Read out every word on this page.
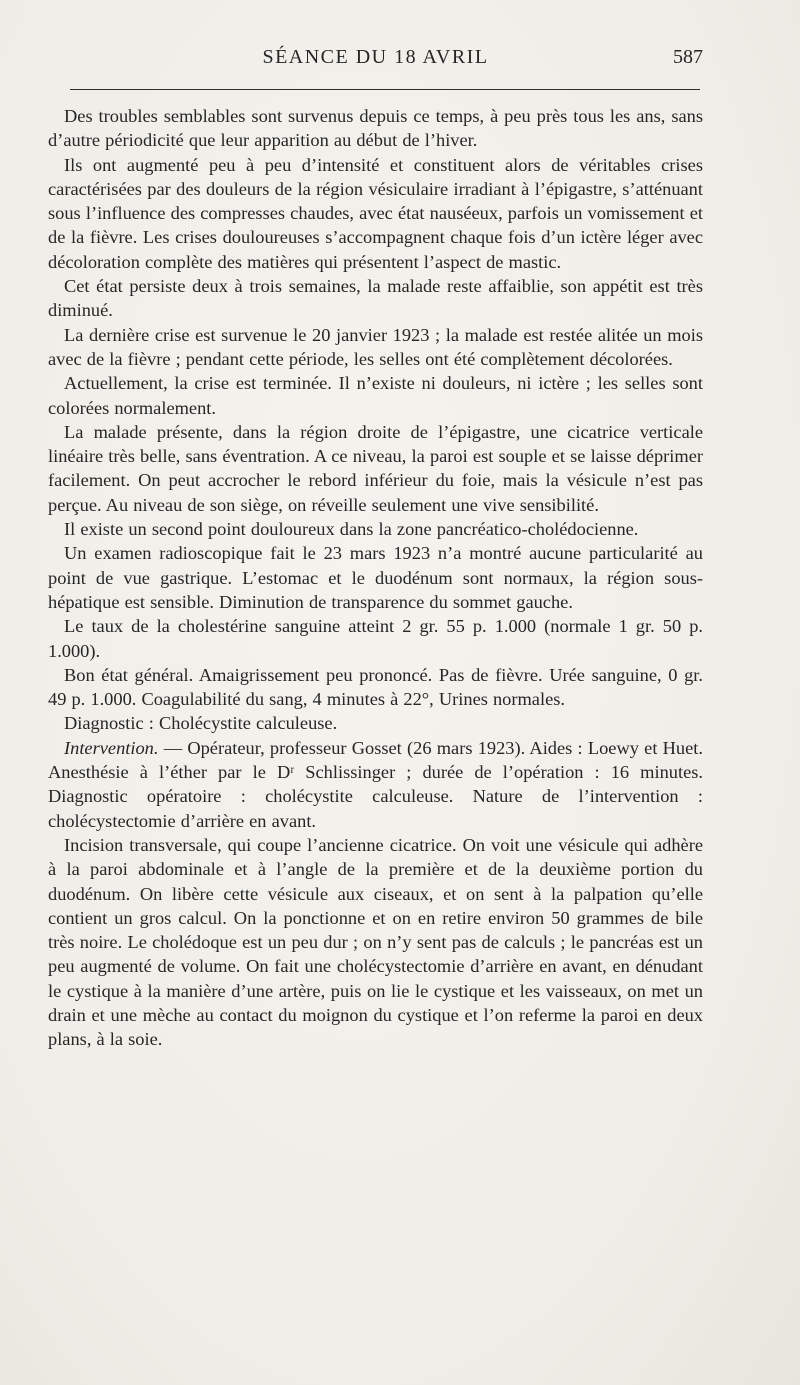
SÉANCE DU 18 AVRIL	587

Des troubles semblables sont survenus depuis ce temps, à peu près tous les ans, sans d’autre périodicité que leur apparition au début de l’hiver.

Ils ont augmenté peu à peu d’intensité et constituent alors de véritables crises caractérisées par des douleurs de la région vésiculaire irradiant à l’épigastre, s’atténuant sous l’influence des compresses chaudes, avec état nauséeux, parfois un vomissement et de la fièvre. Les crises douloureuses s’accompagnent chaque fois d’un ictère léger avec décoloration complète des matières qui présentent l’aspect de mastic.

Cet état persiste deux à trois semaines, la malade reste affaiblie, son appétit est très diminué.

La dernière crise est survenue le 20 janvier 1923 ; la malade est restée alitée un mois avec de la fièvre ; pendant cette période, les selles ont été complètement décolorées.

Actuellement, la crise est terminée. Il n’existe ni douleurs, ni ictère ; les selles sont colorées normalement.

La malade présente, dans la région droite de l’épigastre, une cicatrice verticale linéaire très belle, sans éventration. A ce niveau, la paroi est souple et se laisse déprimer facilement. On peut accrocher le rebord inférieur du foie, mais la vésicule n’est pas perçue. Au niveau de son siège, on réveille seulement une vive sensibilité.

Il existe un second point douloureux dans la zone pancréatico-cholédocienne.

Un examen radioscopique fait le 23 mars 1923 n’a montré aucune particularité au point de vue gastrique. L’estomac et le duodénum sont normaux, la région sous-hépatique est sensible. Diminution de transparence du sommet gauche.

Le taux de la cholestérine sanguine atteint 2 gr. 55 p. 1.000 (normale 1 gr. 50 p. 1.000).

Bon état général. Amaigrissement peu prononcé. Pas de fièvre. Urée sanguine, 0 gr. 49 p. 1.000. Coagulabilité du sang, 4 minutes à 22°, Urines normales.

Diagnostic : Cholécystite calculeuse.

Intervention. — Opérateur, professeur Gosset (26 mars 1923). Aides : Loewy et Huet. Anesthésie à l’éther par le Dʳ Schlissinger ; durée de l’opération : 16 minutes. Diagnostic opératoire : cholécystite calculeuse. Nature de l’intervention : cholécystectomie d’arrière en avant.

Incision transversale, qui coupe l’ancienne cicatrice. On voit une vésicule qui adhère à la paroi abdominale et à l’angle de la première et de la deuxième portion du duodénum. On libère cette vésicule aux ciseaux, et on sent à la palpation qu’elle contient un gros calcul. On la ponctionne et on en retire environ 50 grammes de bile très noire. Le cholédoque est un peu dur ; on n’y sent pas de calculs ; le pancréas est un peu augmenté de volume. On fait une cholécystectomie d’arrière en avant, en dénudant le cystique à la manière d’une artère, puis on lie le cystique et les vaisseaux, on met un drain et une mèche au contact du moignon du cystique et l’on referme la paroi en deux plans, à la soie.
